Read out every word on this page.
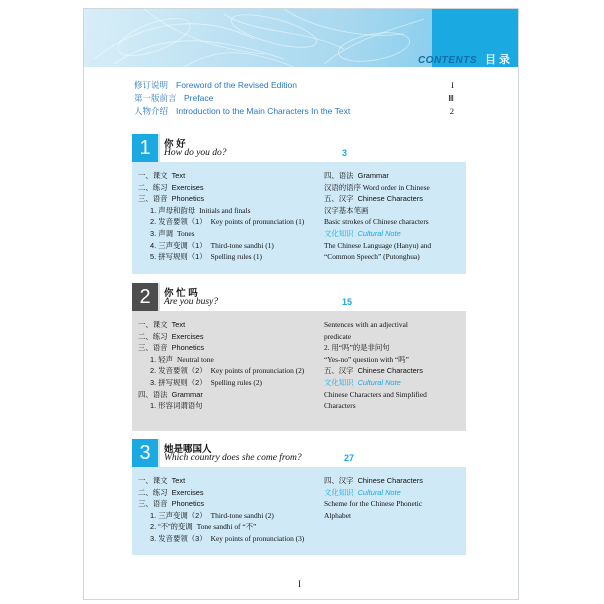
CONTENTS 目 录
修订说明 Foreword of the Revised Edition	I
第一版前言 Preface	Ⅲ
人物介绍 Introduction to the Main Characters In the Text	2
1	你 好
How do you do?	3
一、课文 Text
二、练习 Exercises
三、语音 Phonetics
1. 声母和韵母 Initials and finals
2. 发音要领（1） Key points of pronunciation (1)
3. 声调 Tones
4. 三声变调（1） Third-tone sandhi (1)
5. 拼写规则（1） Spelling rules (1)
四、语法 Grammar
汉语的语序 Word order in Chinese
五、汉字 Chinese Characters
汉字基本笔画
Basic strokes of Chinese characters
文化知识 Cultural Note
The Chinese Language (Hanyu) and
“Common Speech” (Putonghua)
2	你 忙 吗
Are you busy?	15
一、课文 Text
二、练习 Exercises
三、语音 Phonetics
1. 轻声 Neutral tone
2. 发音要领（2） Key points of pronunciation (2)
3. 拼写规则（2） Spelling rules (2)
四、语法 Grammar
1. 形容词谓语句
Sentences with an adjectival
predicate
2. 用“吗”的是非问句
“Yes-no” question with “吗”
五、汉字 Chinese Characters
文化知识 Cultural Note
Chinese Characters and Simplified
Characters
3	她是哪国人
Which country does she come from?	27
一、课文 Text
二、练习 Exercises
三、语音 Phonetics
1. 三声变调（2） Third-tone sandhi (2)
2. “不”的变调 Tone sandhi of “不”
3. 发音要领（3） Key points of pronunciation (3)
四、汉字 Chinese Characters
文化知识 Cultural Note
Scheme for the Chinese Phonetic
Alphabet
I
